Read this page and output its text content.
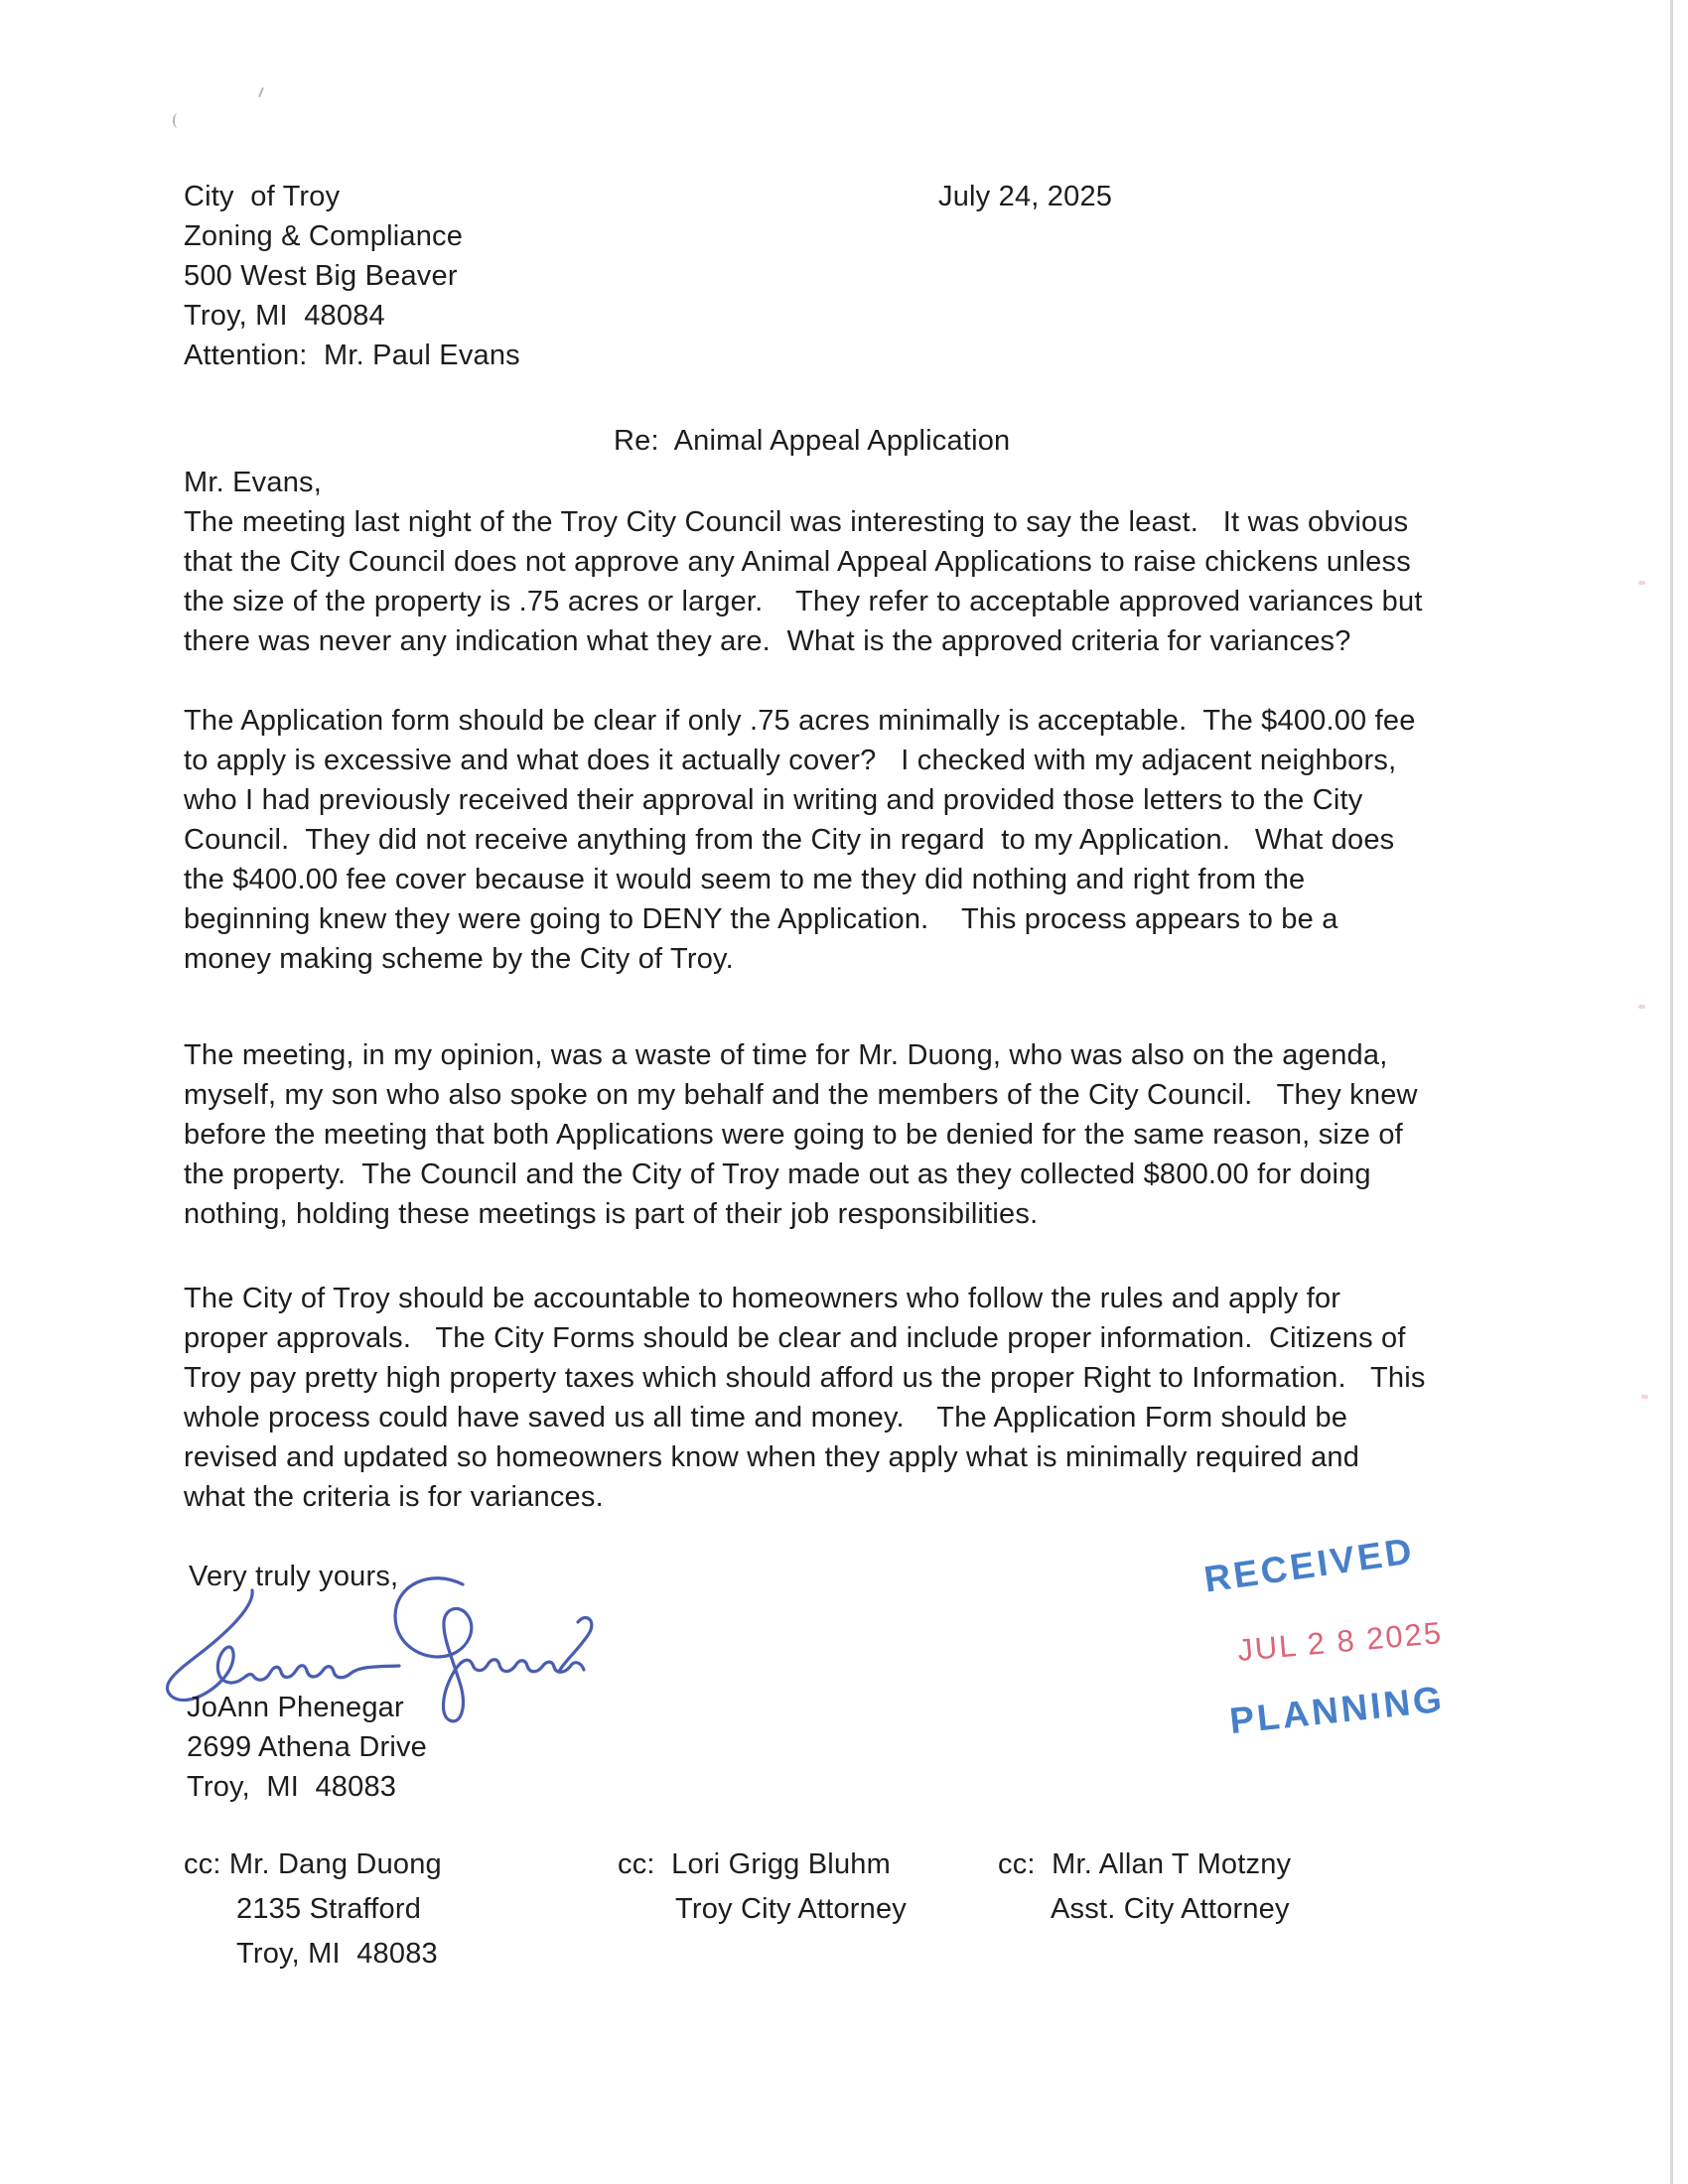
City  of Troy
Zoning & Compliance
500 West Big Beaver
Troy, MI  48084
Attention:  Mr. Paul Evans
July 24, 2025
Re:  Animal Appeal Application
Mr. Evans,
The meeting last night of the Troy City Council was interesting to say the least.   It was obvious
that the City Council does not approve any Animal Appeal Applications to raise chickens unless
the size of the property is .75 acres or larger.    They refer to acceptable approved variances but
there was never any indication what they are.  What is the approved criteria for variances?
The Application form should be clear if only .75 acres minimally is acceptable.  The $400.00 fee
to apply is excessive and what does it actually cover?   I checked with my adjacent neighbors,
who I had previously received their approval in writing and provided those letters to the City
Council.  They did not receive anything from the City in regard  to my Application.   What does
the $400.00 fee cover because it would seem to me they did nothing and right from the
beginning knew they were going to DENY the Application.    This process appears to be a
money making scheme by the City of Troy.
The meeting, in my opinion, was a waste of time for Mr. Duong, who was also on the agenda,
myself, my son who also spoke on my behalf and the members of the City Council.   They knew
before the meeting that both Applications were going to be denied for the same reason, size of
the property.  The Council and the City of Troy made out as they collected $800.00 for doing
nothing, holding these meetings is part of their job responsibilities.
The City of Troy should be accountable to homeowners who follow the rules and apply for
proper approvals.   The City Forms should be clear and include proper information.  Citizens of
Troy pay pretty high property taxes which should afford us the proper Right to Information.   This
whole process could have saved us all time and money.    The Application Form should be
revised and updated so homeowners know when they apply what is minimally required and
what the criteria is for variances.
Very truly yours,
JoAnn Phenegar
2699 Athena Drive
Troy,  MI  48083
RECEIVED
JUL 2 8 2025
PLANNING
cc: Mr. Dang Duong
2135 Strafford
Troy, MI  48083
cc:  Lori Grigg Bluhm
Troy City Attorney
cc:  Mr. Allan T Motzny
Asst. City Attorney
